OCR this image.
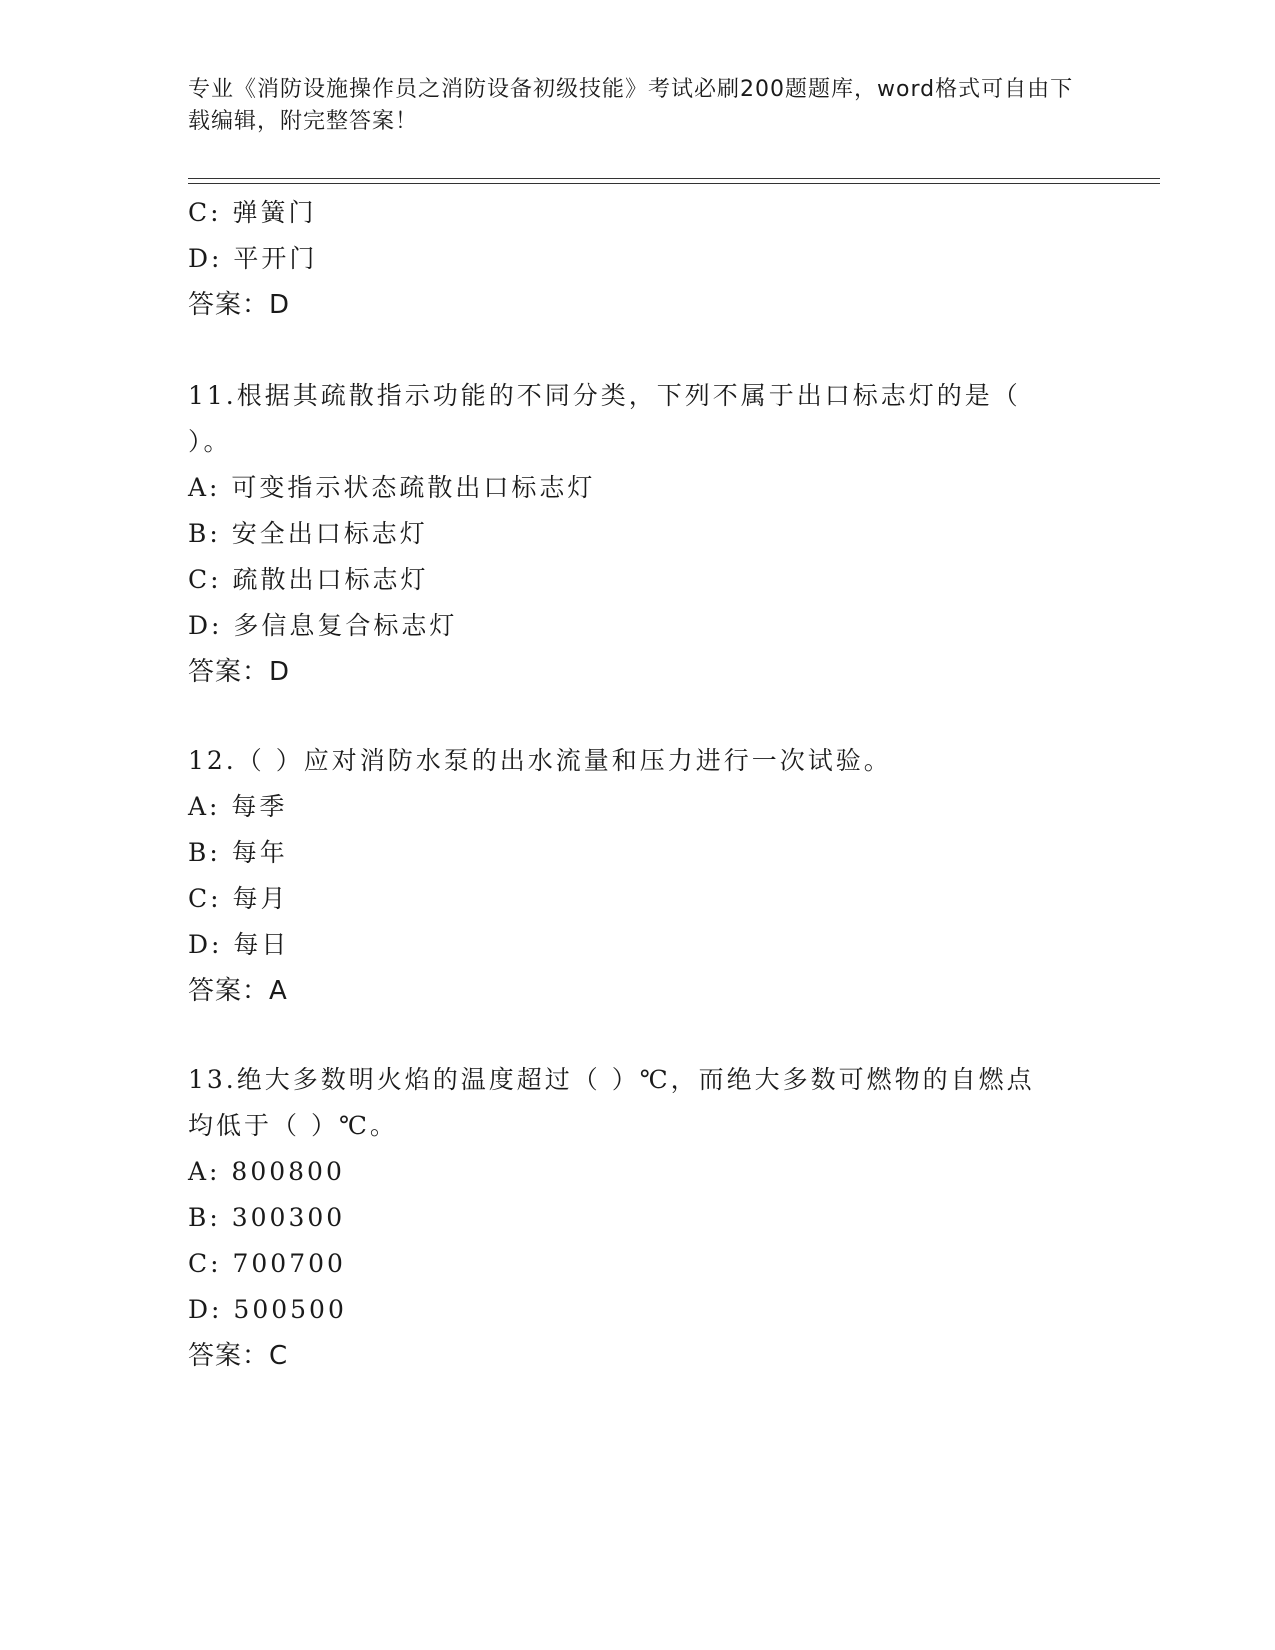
专业《消防设施操作员之消防设备初级技能》考试必刷200题题库，word格式可自由下载编辑，附完整答案！
C: 弹簧门
D: 平开门
答案：D
11.根据其疏散指示功能的不同分类，下列不属于出口标志灯的是（
）。
A: 可变指示状态疏散出口标志灯
B: 安全出口标志灯
C: 疏散出口标志灯
D: 多信息复合标志灯
答案：D
12.（ ）应对消防水泵的出水流量和压力进行一次试验。
A: 每季
B: 每年
C: 每月
D: 每日
答案：A
13.绝大多数明火焰的温度超过（ ）℃，而绝大多数可燃物的自燃点
均低于（ ）℃。
A: 800800
B: 300300
C: 700700
D: 500500
答案：C
